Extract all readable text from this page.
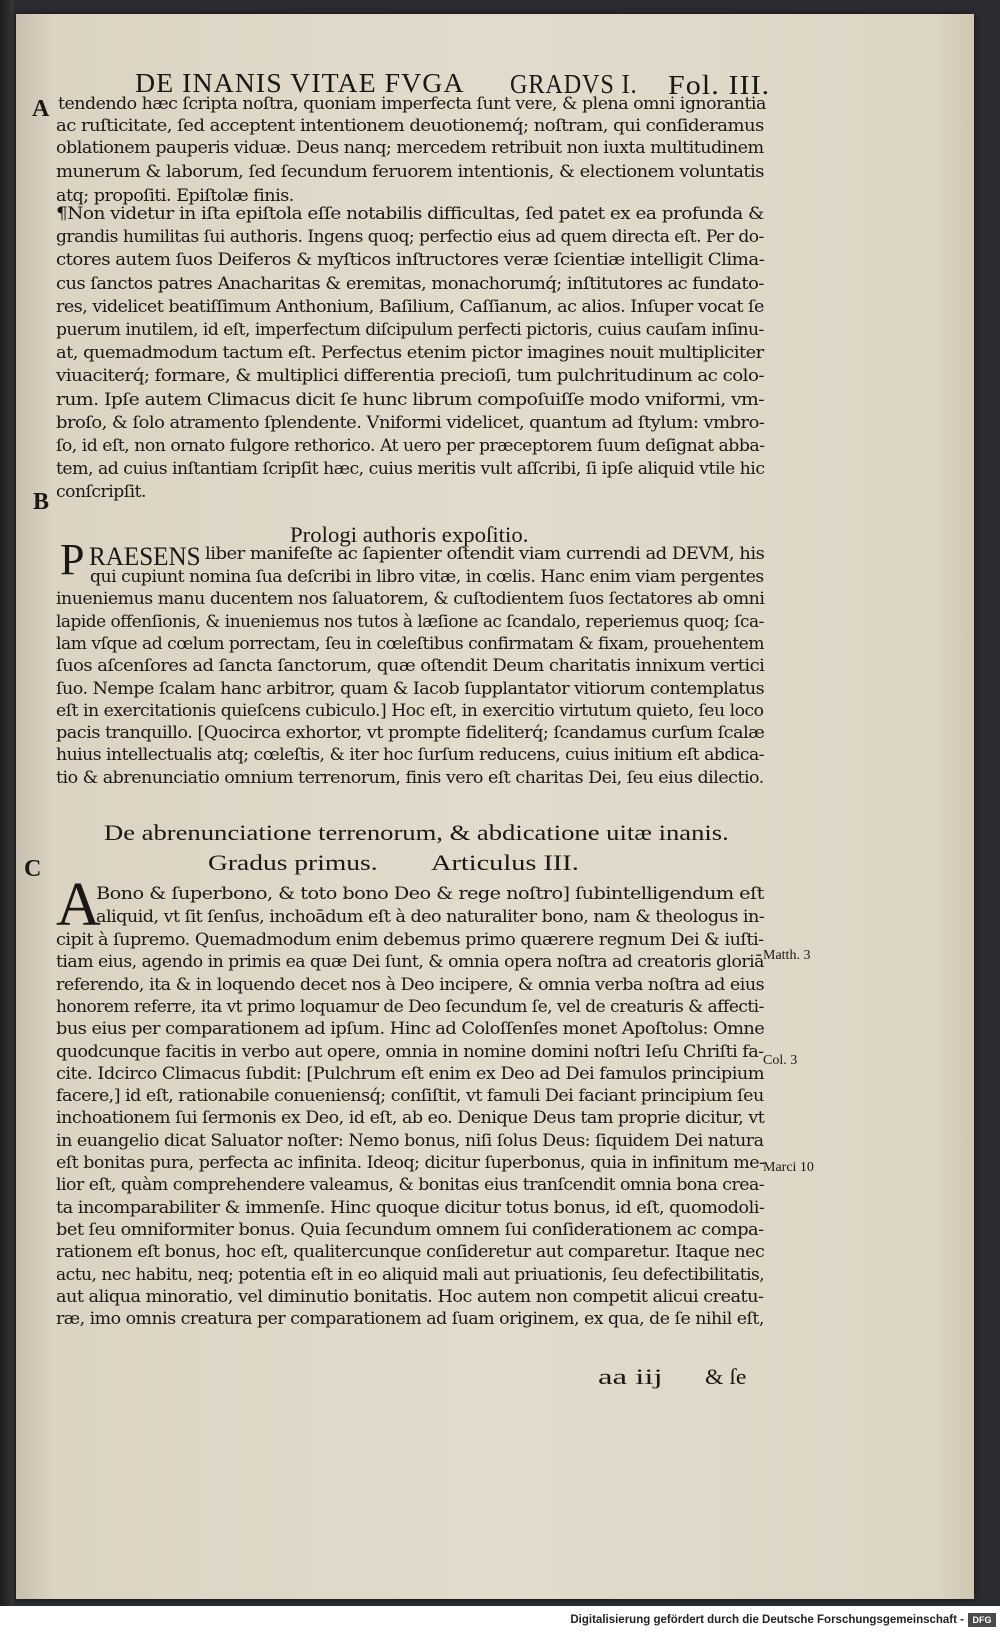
DE INANIS VITAE FVGA GRADVS I. Fol. III.
A
B
C
tendendo hæc ſcripta noſtra, quoniam imperfecta ſunt vere, & plena omni ignorantia
ac ruſticitate, ſed acceptent intentionem deuotionemq́; noſtram, qui conſideramus
oblationem pauperis viduæ. Deus nanq; mercedem retribuit non iuxta multitudinem
munerum & laborum, ſed ſecundum feruorem intentionis, & electionem voluntatis
atq; propoſiti. Epiſtolæ finis.
¶Non videtur in iſta epiſtola eſſe notabilis difficultas, ſed patet ex ea profunda &
grandis humilitas ſui authoris. Ingens quoq; perfectio eius ad quem directa eſt. Per do-
ctores autem ſuos Deiferos & myſticos inſtructores veræ ſcientiæ intelligit Clima-
cus ſanctos patres Anacharitas & eremitas, monachorumq́; inſtitutores ac fundato-
res, videlicet beatiſſimum Anthonium, Baſilium, Caſſianum, ac alios. Inſuper vocat ſe
puerum inutilem, id eſt, imperfectum diſcipulum perfecti pictoris, cuius cauſam inſinu-
at, quemadmodum tactum eſt. Perfectus etenim pictor imagines nouit multipliciter
viuaciterq́; formare, & multiplici differentia precioſi, tum pulchritudinum ac colo-
rum. Ipſe autem Climacus dicit ſe hunc librum compoſuiſſe modo vniformi, vm-
broſo, & ſolo atramento ſplendente. Vniformi videlicet, quantum ad ſtylum: vmbro-
ſo, id eſt, non ornato fulgore rethorico. At uero per præceptorem ſuum deſignat abba-
tem, ad cuius inſtantiam ſcripſit hæc, cuius meritis vult aſſcribi, ſi ipſe aliquid vtile hic
conſcripſit.
Prologi authoris expoſitio.
P RAESENS liber manifeſte ac ſapienter oſtendit viam currendi ad DEVM, his
qui cupiunt nomina ſua deſcribi in libro vitæ, in cœlis. Hanc enim viam pergentes
inueniemus manu ducentem nos ſaluatorem, & cuſtodientem ſuos ſectatores ab omni
lapide offenſionis, & inueniemus nos tutos à læſione ac ſcandalo, reperiemus quoq; ſca-
lam vſque ad cœlum porrectam, ſeu in cœleſtibus confirmatam & fixam, prouehentem
ſuos aſcenſores ad ſancta ſanctorum, quæ oſtendit Deum charitatis innixum vertici
ſuo. Nempe ſcalam hanc arbitror, quam & Iacob ſupplantator vitiorum contemplatus
eſt in exercitationis quieſcens cubiculo.] Hoc eſt, in exercitio virtutum quieto, ſeu loco
pacis tranquillo. [Quocirca exhortor, vt prompte fideliterq́; ſcandamus curſum ſcalæ
huius intellectualis atq; cœleſtis, & iter hoc ſurſum reducens, cuius initium eſt abdica-
tio & abrenunciatio omnium terrenorum, finis vero eſt charitas Dei, ſeu eius dilectio.
De abrenunciatione terrenorum, & abdicatione uitæ inanis.
Gradus primus. Articulus III.
A
Bono & ſuperbono, & toto bono Deo & rege noſtro] ſubintelligendum eſt
aliquid, vt ſit ſenſus, inchoādum eſt à deo naturaliter bono, nam & theologus in-
cipit à ſupremo. Quemadmodum enim debemus primo quærere regnum Dei & iuſti-
tiam eius, agendo in primis ea quæ Dei ſunt, & omnia opera noſtra ad creatoris gloriā
referendo, ita & in loquendo decet nos à Deo incipere, & omnia verba noſtra ad eius
honorem referre, ita vt primo loquamur de Deo ſecundum ſe, vel de creaturis & affecti-
bus eius per comparationem ad ipſum. Hinc ad Coloſſenſes monet Apoſtolus: Omne
quodcunque facitis in verbo aut opere, omnia in nomine domini noſtri Ieſu Chriſti fa-
cite. Idcirco Climacus ſubdit: [Pulchrum eſt enim ex Deo ad Dei famulos principium
facere,] id eſt, rationabile conueniensq́; conſiſtit, vt famuli Dei faciant principium ſeu
inchoationem ſui ſermonis ex Deo, id eſt, ab eo. Denique Deus tam proprie dicitur, vt
in euangelio dicat Saluator noſter: Nemo bonus, niſi ſolus Deus: ſiquidem Dei natura
eſt bonitas pura, perfecta ac infinita. Ideoq; dicitur ſuperbonus, quia in infinitum me-
lior eſt, quàm comprehendere valeamus, & bonitas eius tranſcendit omnia bona crea-
ta incomparabiliter & immenſe. Hinc quoque dicitur totus bonus, id eſt, quomodoli-
bet ſeu omniformiter bonus. Quia ſecundum omnem ſui conſiderationem ac compa-
rationem eſt bonus, hoc eſt, qualitercunque conſideretur aut comparetur. Itaque nec
actu, nec habitu, neq; potentia eſt in eo aliquid mali aut priuationis, ſeu defectibilitatis,
aut aliqua minoratio, vel diminutio bonitatis. Hoc autem non competit alicui creatu-
ræ, imo omnis creatura per comparationem ad ſuam originem, ex qua, de ſe nihil eſt,
aa iij & ſe
Matth. 3
Col. 3
Marci 10
Digitalisierung gefördert durch die Deutsche Forschungsgemeinschaft - DFG
